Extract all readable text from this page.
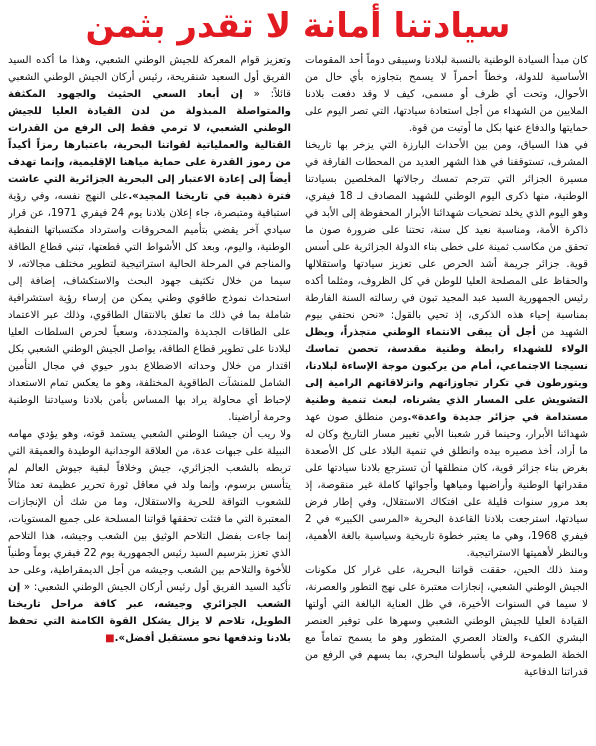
سيادتنا أمانة لا تقدر بثمن

كان مبدأ السيادة الوطنية بالنسبة لبلادنا وسيبقى دوماً أحد المقومات الأساسية للدولة، وخطاً أحمراً لا يسمح بتجاوزه بأي حال من الأحوال، وتحت أي ظرف أو مسمى، كيف لا وقد دفعت بلادنا الملايين من الشهداء من أجل استعادة سيادتها، التي تصر اليوم على حمايتها والدفاع عنها بكل ما أوتيت من قوة.

في هذا السياق، ومن بين الأحداث البارزة التي يزخر بها تاريخنا المشرف، تستوقفنا في هذا الشهر العديد من المحطات الفارقة في مسيرة الجزائر التي تترجم تمسك رجالاتها المخلصين بسيادتنا الوطنية، منها ذكرى اليوم الوطني للشهيد المصادف لـ 18 فيفري، وهو اليوم الذي يخلد تضحيات شهدائنا الأبرار المحفوظة إلى الأبد في ذاكرة الأمة، ومناسبة نعيد كل سنة، تحتنا على ضرورة صون ما تحقق من مكاسب ثمينة على خطى بناء الدولة الجزائرية على أسس قوية. جزائر جريمة أشد الحرص على تعزيز سيادتها واستقلالها والحفاظ على المصلحة العليا للوطن في كل الظروف، ومثلما أكده رئيس الجمهورية السيد عبد المجيد تبون في رسالته السنة الفارطة بمناسبة إحياء هذه الذكرى، إذ تحيي بالقول: «نحن نحتفي بيوم الشهيد من أجل أن يبقى الانتماء الوطني متجذراً، ويظل الولاء للشهداء رابطة وطنية مقدسة، تحصن تماسك نسيجنا الاجتماعي، أمام من يركبون موجة الإساءة لبلادنا، ويتورطون في تكرار تجاوزاتهم وانزلاقاتهم الرامية إلى التشويش على المسار الذي يشرناه، لبعث تنمية وطنية مستدامة في جزائر جديدة واعدة».ومن منطلق صون عهد شهدائنا الأبرار، وحينما قرر شعبنا الأبي تغيير مسار التاريخ وكان له ما أراد، أخذ مصيره بيده وانطلق في تنمية البلاد على كل الأصعدة بغرض بناء جزائر قوية، كان منطلقها أن تسترجع بلادنا سيادتها على مقدراتها الوطنية وأراضيها ومياهها وأجوائها كاملة غير منقوصة، إذ بعد مرور سنوات قليلة على افتكاك الاستقلال، وفي إطار فرض سيادتها، استرجعت بلادنا القاعدة البحرية «المرسى الكبير» في 2 فيفري 1968، وهي ما يعتبر خطوة تاريخية وسياسية بالغة الأهمية، وبالنظر لأهميتها الاستراتيجية.

ومنذ ذلك الحين، حققت قواتنا البحرية، على غرار كل مكونات الجيش الوطني الشعبي، إنجازات معتبرة على نهج التطور والعصرنة، لا سيما في السنوات الأخيرة، في ظل العناية البالغة التي أولتها القيادة العليا للجيش الوطني الشعبي وسهرها على توفير العنصر البشري الكفء والعتاد العصري المتطور وهو ما يسمح تماماً مع الخطة الطموحة للرقي بأسطولنا البحري، بما يسهم في الرفع من قدراتنا الدفاعية

وتعزيز قوام المعركة للجيش الوطني الشعبي، وهذا ما أكده السيد الفريق أول السعيد شنقريحة، رئيس أركان الجيش الوطني الشعبي قائلاً: « إن أبعاد السعي الحثيث والجهود المكثفة والمتواصلة المبذولة من لدن القيادة العليا للجيش الوطني الشعبي، لا ترمي فقط إلى الرفع من القدرات القتالية والعملياتية لقواتنا البحرية، باعتبارها رمزاً أكيداً من رموز القدرة على حماية مياهنا الإقليمية، وإنما تهدف أيضاً إلى إعادة الاعتبار إلى البحرية الجزائرية التي عاشت فترة ذهبية في تاريخنا المجيد».على النهج نفسه، وفي رؤية استباقية ومتبصرة، جاء إعلان بلادنا يوم 24 فيفري 1971، عن قرار سيادي آخر يقضي بتأميم المحروقات واسترداد مكتسباتها النفطية الوطنية، واليوم، وبعد كل الأشواط التي قطعتها، تبني قطاع الطاقة والمناجم في المرحلة الحالية استراتيجية لتطوير مختلف مجالاته، لا سيما من خلال تكثيف جهود البحث والاستكشاف، إضافة إلى استحداث نموذج طاقوي وطني يمكن من إرساء رؤية استشرافية شاملة بما في ذلك ما تعلق بالانتقال الطاقوي، وذلك عبر الاعتماد على الطاقات الجديدة والمتجددة، وسعياً لحرص السلطات العليا لبلادنا على تطوير قطاع الطاقة، يواصل الجيش الوطني الشعبي بكل اقتدار من خلال وحداته الاضطلاع بدور حيوي في مجال التأمين الشامل للمنشآت الطاقوية المختلفة، وهو ما يعكس تمام الاستعداد لإحباط أي محاولة يراد بها المساس بأمن بلادنا وسيادتنا الوطنية وحرمة أراضينا.

ولا ريب أن جيشنا الوطني الشعبي يستمد قوته، وهو يؤدي مهامه النبيلة على جبهات عدة، من العلاقة الوجدانية الوطيدة والعميقة التي تربطه بالشعب الجزائري، جيش وخلافاً لبقية جيوش العالم لم يتأسس برسوم، وإنما ولد في معاقل ثورة تحرير عظيمة تعد مثالاً للشعوب التواقة للحرية والاستقلال، وما من شك أن الإنجازات المعتبرة التي ما فتئت تحققها قواتنا المسلحة على جميع المستويات، إنما جاءت بفضل التلاحم الوثيق بين الشعب وجيشه، هذا التلاحم الذي تعزز بترسيم السيد رئيس الجمهورية يوم 22 فيفري يوماً وطنياً للأخوة والتلاحم بين الشعب وجيشه من أجل الديمقراطية، وعلى حد تأكيد السيد الفريق أول رئيس أركان الجيش الوطني الشعبي: « إن الشعب الجزائري وجيشه، عبر كافة مراحل تاريخنا الطويل، تلاحم لا يزال يشكل القوة الكامنة التي تحفظ بلادنا وتدفعها نحو مستقبل أفضل».■
